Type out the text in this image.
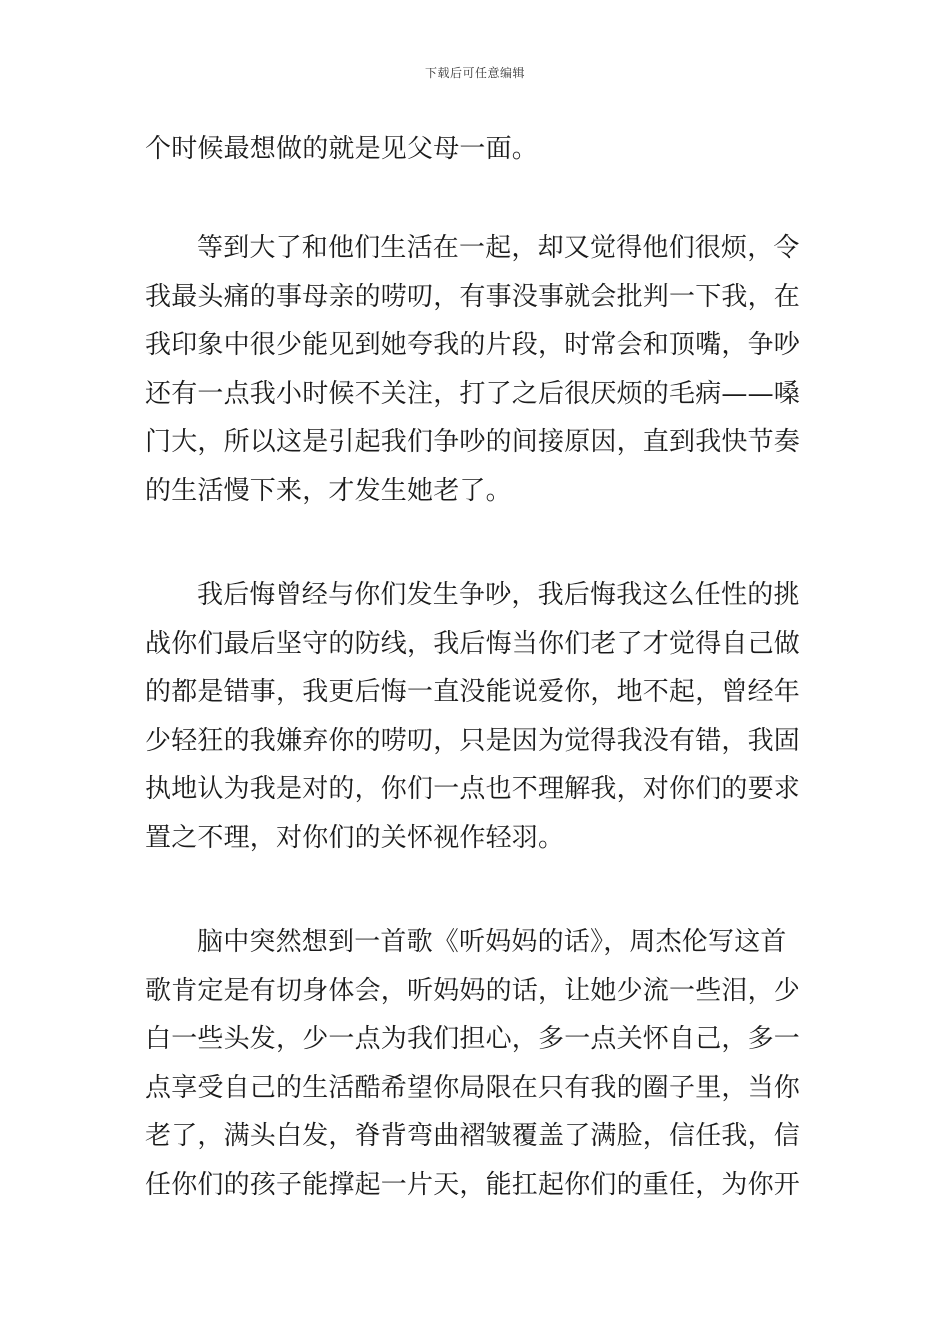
下载后可任意编辑
个时候最想做的就是见父母一面。
等到大了和他们生活在一起，却又觉得他们很烦，令
我最头痛的事母亲的唠叨，有事没事就会批判一下我，在
我印象中很少能见到她夸我的片段，时常会和顶嘴，争吵
还有一点我小时候不关注，打了之后很厌烦的毛病——嗓
门大，所以这是引起我们争吵的间接原因，直到我快节奏
的生活慢下来，才发生她老了。
我后悔曾经与你们发生争吵，我后悔我这么任性的挑
战你们最后坚守的防线，我后悔当你们老了才觉得自己做
的都是错事，我更后悔一直没能说爱你，地不起，曾经年
少轻狂的我嫌弃你的唠叨，只是因为觉得我没有错，我固
执地认为我是对的，你们一点也不理解我，对你们的要求
置之不理，对你们的关怀视作轻羽。
脑中突然想到一首歌《听妈妈的话》，周杰伦写这首
歌肯定是有切身体会，听妈妈的话，让她少流一些泪，少
白一些头发，少一点为我们担心，多一点关怀自己，多一
点享受自己的生活酷希望你局限在只有我的圈子里，当你
老了，满头白发，脊背弯曲褶皱覆盖了满脸，信任我，信
任你们的孩子能撑起一片天，能扛起你们的重任，为你开
